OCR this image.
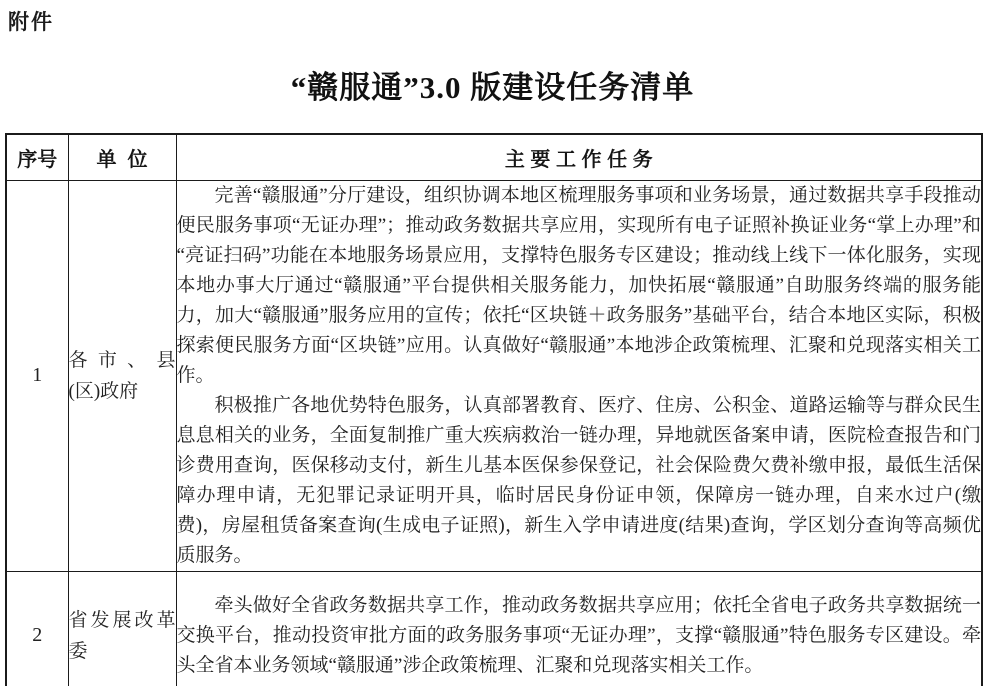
附件
“赣服通”3.0 版建设任务清单
序号	单  位	主 要 工 作 任 务
1	各市、县(区)政府	完善“赣服通”分厅建设，组织协调本地区梳理服务事项和业务场景，通过数据共享手段推动便民服务事项“无证办理”；推动政务数据共享应用，实现所有电子证照补换证业务“掌上办理”和“亮证扫码”功能在本地服务场景应用，支撑特色服务专区建设；推动线上线下一体化服务，实现本地办事大厅通过“赣服通”平台提供相关服务能力，加快拓展“赣服通”自助服务终端的服务能力，加大“赣服通”服务应用的宣传；依托“区块链＋政务服务”基础平台，结合本地区实际，积极探索便民服务方面“区块链”应用。认真做好“赣服通”本地涉企政策梳理、汇聚和兑现落实相关工作。

积极推广各地优势特色服务，认真部署教育、医疗、住房、公积金、道路运输等与群众民生息息相关的业务，全面复制推广重大疾病救治一链办理，异地就医备案申请，医院检查报告和门诊费用查询，医保移动支付，新生儿基本医保参保登记，社会保险费欠费补缴申报，最低生活保障办理申请，无犯罪记录证明开具，临时居民身份证申领，保障房一链办理，自来水过户(缴费)，房屋租赁备案查询(生成电子证照)，新生入学申请进度(结果)查询，学区划分查询等高频优质服务。

2	省发展改革委	牵头做好全省政务数据共享工作，推动政务数据共享应用；依托全省电子政务共享数据统一交换平台，推动投资审批方面的政务服务事项“无证办理”，支撑“赣服通”特色服务专区建设。牵头全省本业务领域“赣服通”涉企政策梳理、汇聚和兑现落实相关工作。
